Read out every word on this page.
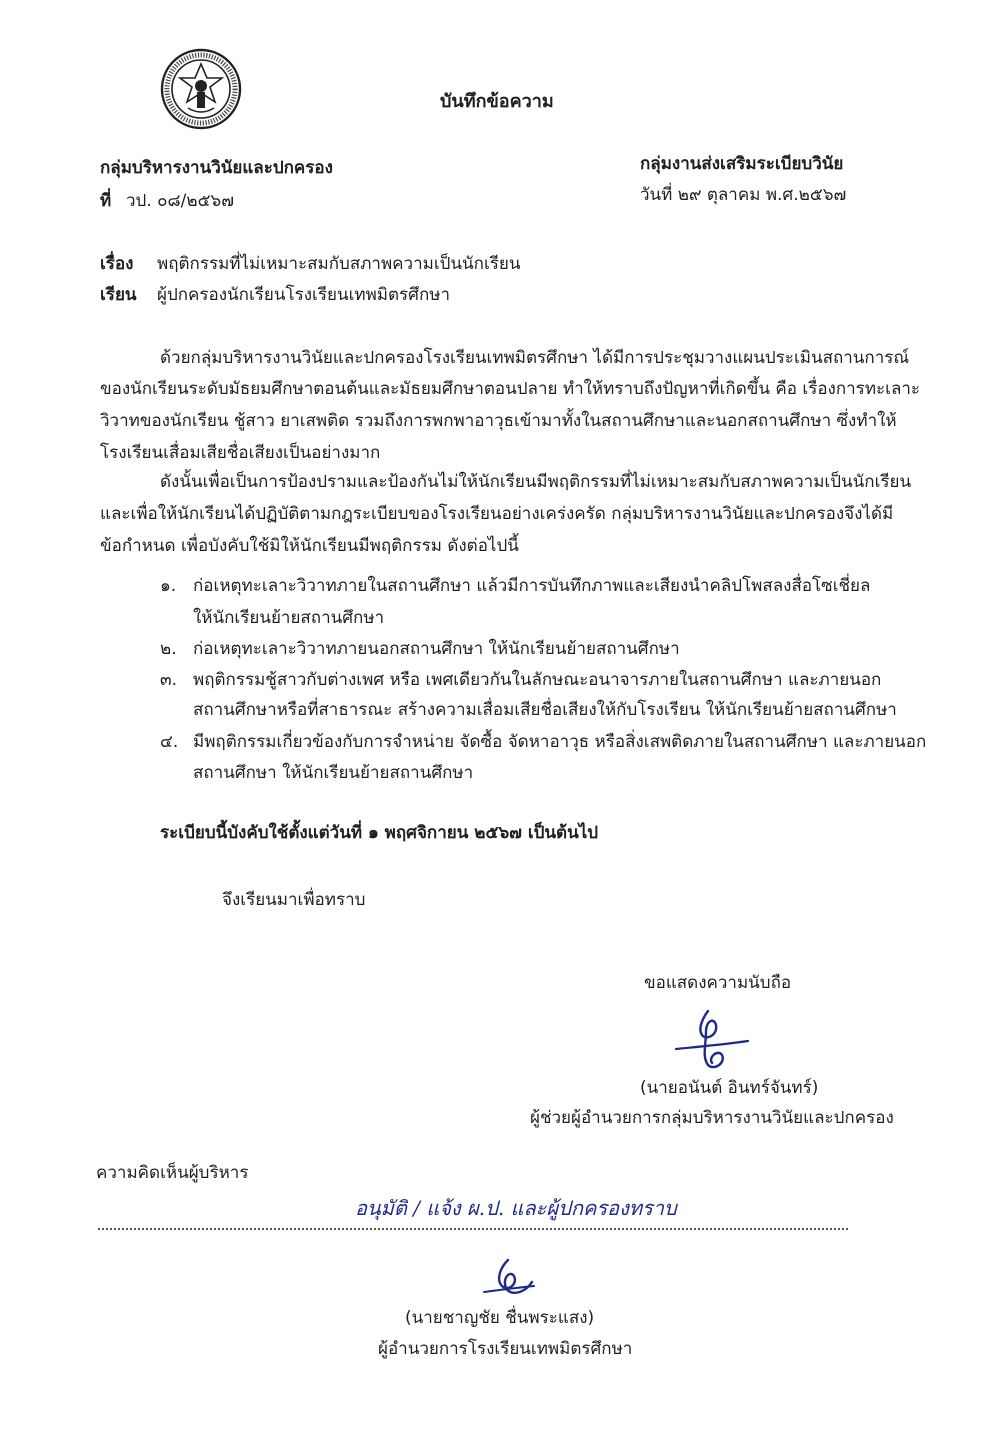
บันทึกข้อความ
กลุ่มบริหารงานวินัยและปกครอง	กลุ่มงานส่งเสริมระเบียบวินัย
ที่ วป. ๐๘/๒๕๖๗	วันที่ ๒๙ ตุลาคม พ.ศ.๒๕๖๗
เรื่อง พฤติกรรมที่ไม่เหมาะสมกับสภาพความเป็นนักเรียน
เรียน ผู้ปกครองนักเรียนโรงเรียนเทพมิตรศึกษา
ด้วยกลุ่มบริหารงานวินัยและปกครองโรงเรียนเทพมิตรศึกษา ได้มีการประชุมวางแผนประเมินสถานการณ์
ของนักเรียนระดับมัธยมศึกษาตอนต้นและมัธยมศึกษาตอนปลาย ทำให้ทราบถึงปัญหาที่เกิดขึ้น คือ เรื่องการทะเลาะ
วิวาทของนักเรียน ชู้สาว ยาเสพติด รวมถึงการพกพาอาวุธเข้ามาทั้งในสถานศึกษาและนอกสถานศึกษา ซึ่งทำให้
โรงเรียนเสื่อมเสียชื่อเสียงเป็นอย่างมาก
ดังนั้นเพื่อเป็นการป้องปรามและป้องกันไม่ให้นักเรียนมีพฤติกรรมที่ไม่เหมาะสมกับสภาพความเป็นนักเรียน
และเพื่อให้นักเรียนได้ปฏิบัติตามกฎระเบียบของโรงเรียนอย่างเคร่งครัด กลุ่มบริหารงานวินัยและปกครองจึงได้มี
ข้อกำหนด เพื่อบังคับใช้มิให้นักเรียนมีพฤติกรรม ดังต่อไปนี้
๑. ก่อเหตุทะเลาะวิวาทภายในสถานศึกษา แล้วมีการบันทึกภาพและเสียงนำคลิปโพสลงสื่อโซเชี่ยล
ให้นักเรียนย้ายสถานศึกษา
๒. ก่อเหตุทะเลาะวิวาทภายนอกสถานศึกษา ให้นักเรียนย้ายสถานศึกษา
๓. พฤติกรรมชู้สาวกับต่างเพศ หรือ เพศเดียวกันในลักษณะอนาจารภายในสถานศึกษา และภายนอก
สถานศึกษาหรือที่สาธารณะ สร้างความเสื่อมเสียชื่อเสียงให้กับโรงเรียน ให้นักเรียนย้ายสถานศึกษา
๔. มีพฤติกรรมเกี่ยวข้องกับการจำหน่าย จัดซื้อ จัดหาอาวุธ หรือสิ่งเสพติดภายในสถานศึกษา และภายนอก
สถานศึกษา ให้นักเรียนย้ายสถานศึกษา
ระเบียบนี้บังคับใช้ตั้งแต่วันที่ ๑ พฤศจิกายน ๒๕๖๗ เป็นต้นไป
จึงเรียนมาเพื่อทราบ
ขอแสดงความนับถือ
(นายอนันต์ อินทร์จันทร์)
ผู้ช่วยผู้อำนวยการกลุ่มบริหารงานวินัยและปกครอง
ความคิดเห็นผู้บริหาร
อนุมัติ / แจ้ง ผ.ป. และผู้ปกครองทราบ
(นายชาญชัย ชื่นพระแสง)
ผู้อำนวยการโรงเรียนเทพมิตรศึกษา
